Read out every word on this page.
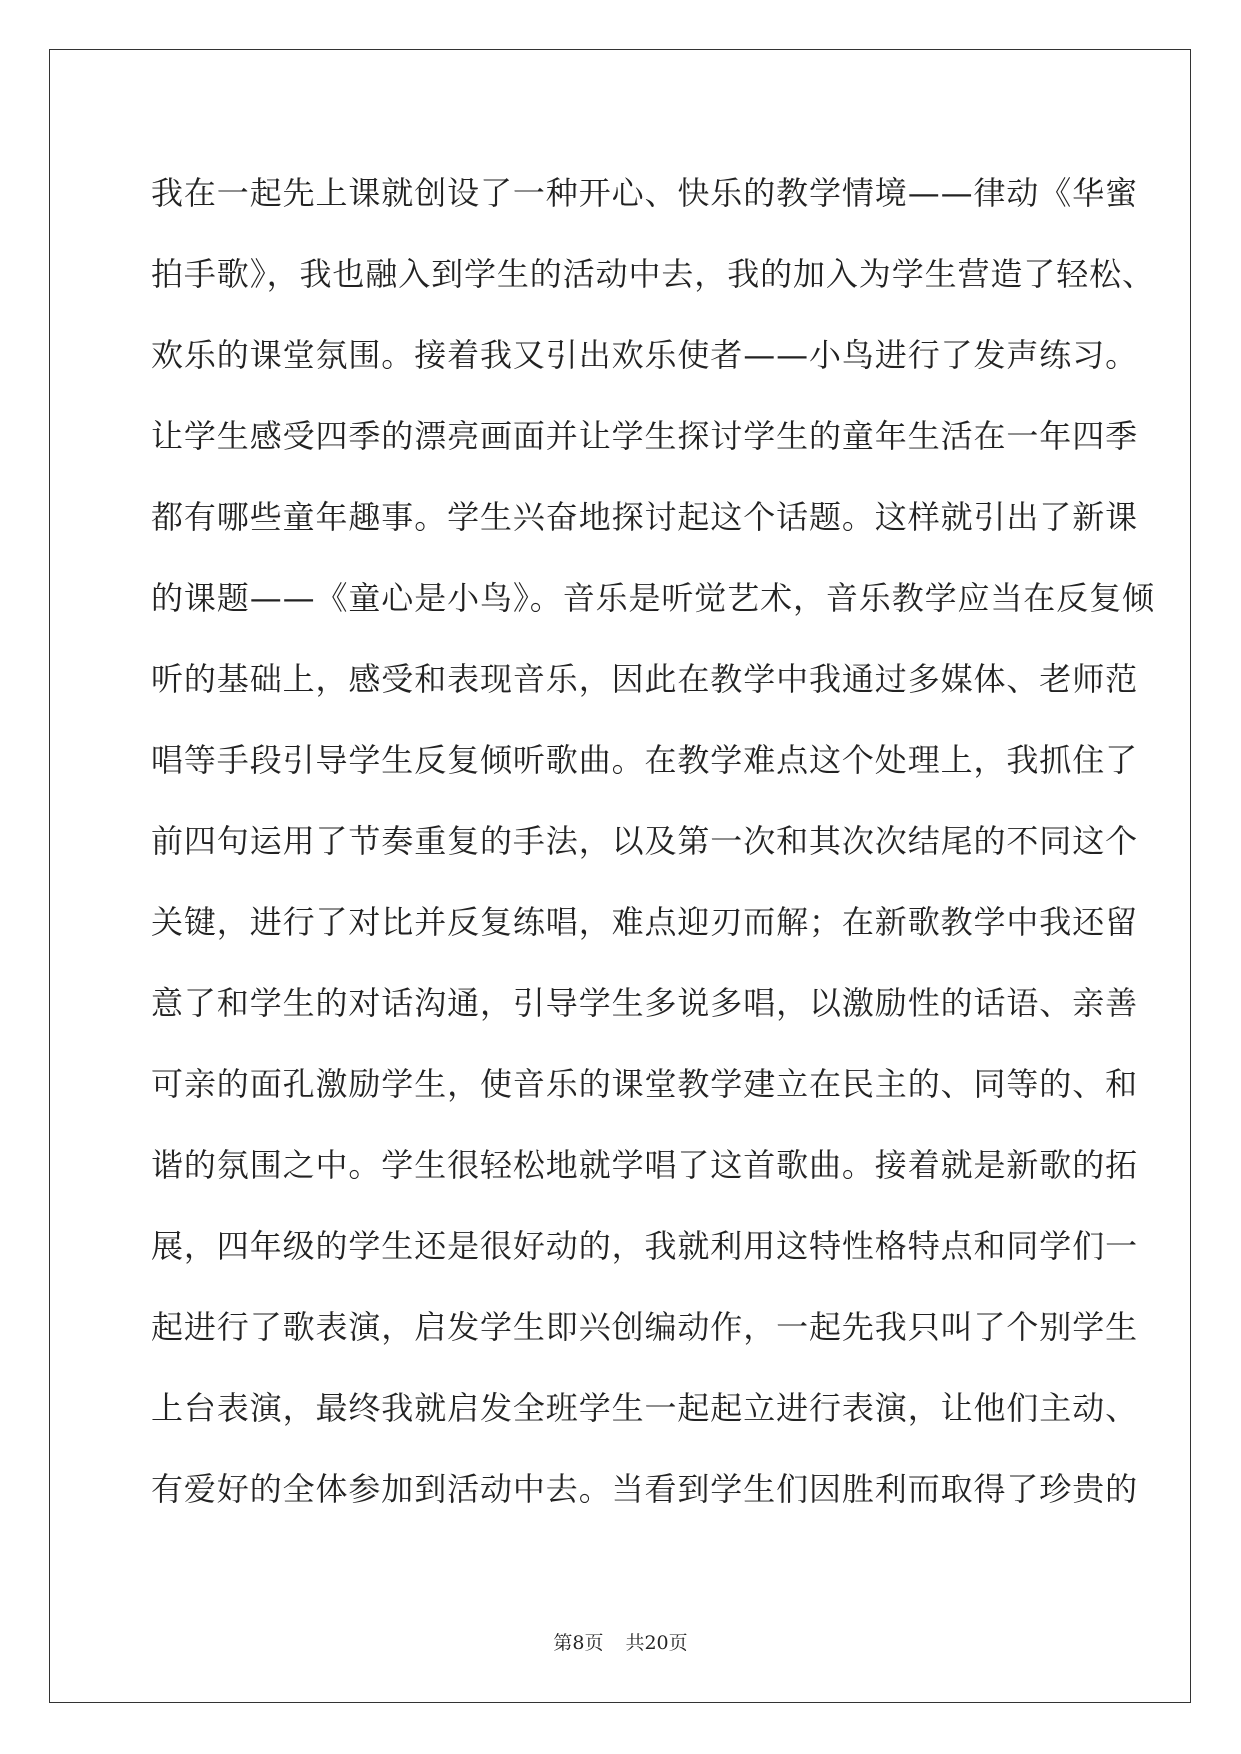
我在一起先上课就创设了一种开心、快乐的教学情境——律动《华蜜
拍手歌》，我也融入到学生的活动中去，我的加入为学生营造了轻松、
欢乐的课堂氛围。接着我又引出欢乐使者——小鸟进行了发声练习。
让学生感受四季的漂亮画面并让学生探讨学生的童年生活在一年四季
都有哪些童年趣事。学生兴奋地探讨起这个话题。这样就引出了新课
的课题——《童心是小鸟》。音乐是听觉艺术，音乐教学应当在反复倾
听的基础上，感受和表现音乐，因此在教学中我通过多媒体、老师范
唱等手段引导学生反复倾听歌曲。在教学难点这个处理上，我抓住了
前四句运用了节奏重复的手法，以及第一次和其次次结尾的不同这个
关键，进行了对比并反复练唱，难点迎刃而解；在新歌教学中我还留
意了和学生的对话沟通，引导学生多说多唱，以激励性的话语、亲善
可亲的面孔激励学生，使音乐的课堂教学建立在民主的、同等的、和
谐的氛围之中。学生很轻松地就学唱了这首歌曲。接着就是新歌的拓
展，四年级的学生还是很好动的，我就利用这特性格特点和同学们一
起进行了歌表演，启发学生即兴创编动作，一起先我只叫了个别学生
上台表演，最终我就启发全班学生一起起立进行表演，让他们主动、
有爱好的全体参加到活动中去。当看到学生们因胜利而取得了珍贵的
第8页 共20页
